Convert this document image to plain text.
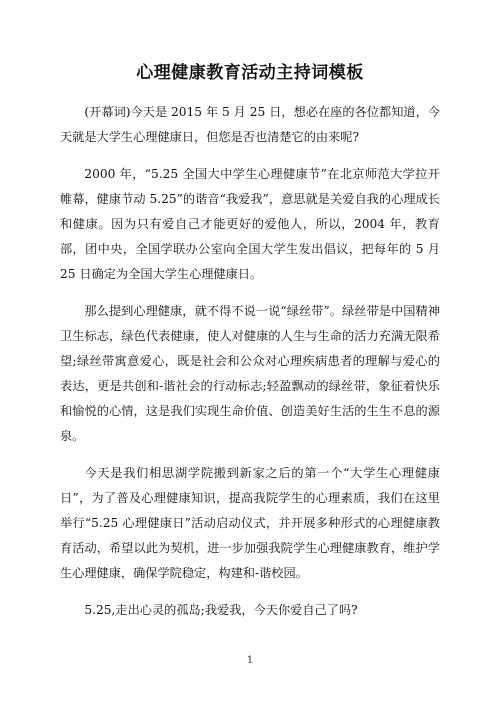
心理健康教育活动主持词模板

(开幕词)今天是 2015 年 5 月 25 日，想必在座的各位都知道，今天就是大学生心理健康日，但您是否也清楚它的由来呢?

2000 年，“5.25 全国大中学生心理健康节”在北京师范大学拉开帷幕，健康节动 5.25”的谐音“我爱我”，意思就是关爱自我的心理成长和健康。因为只有爱自己才能更好的爱他人，所以，2004 年，教育部，团中央，全国学联办公室向全国大学生发出倡议，把每年的 5 月 25 日确定为全国大学生心理健康日。

那么提到心理健康，就不得不说一说“绿丝带”。绿丝带是中国精神卫生标志，绿色代表健康，使人对健康的人生与生命的活力充满无限希望;绿丝带寓意爱心，既是社会和公众对心理疾病患者的理解与爱心的表达，更是共创和-谐社会的行动标志;轻盈飘动的绿丝带，象征着快乐和愉悦的心情，这是我们实现生命价值、创造美好生活的生生不息的源泉。

今天是我们相思湖学院搬到新家之后的第一个“大学生心理健康日”，为了普及心理健康知识，提高我院学生的心理素质，我们在这里举行“5.25 心理健康日”活动启动仪式，并开展多种形式的心理健康教育活动，希望以此为契机，进一步加强我院学生心理健康教育，维护学生心理健康，确保学院稳定，构建和-谐校园。

5.25,走出心灵的孤岛;我爱我，今天你爱自己了吗?

1
